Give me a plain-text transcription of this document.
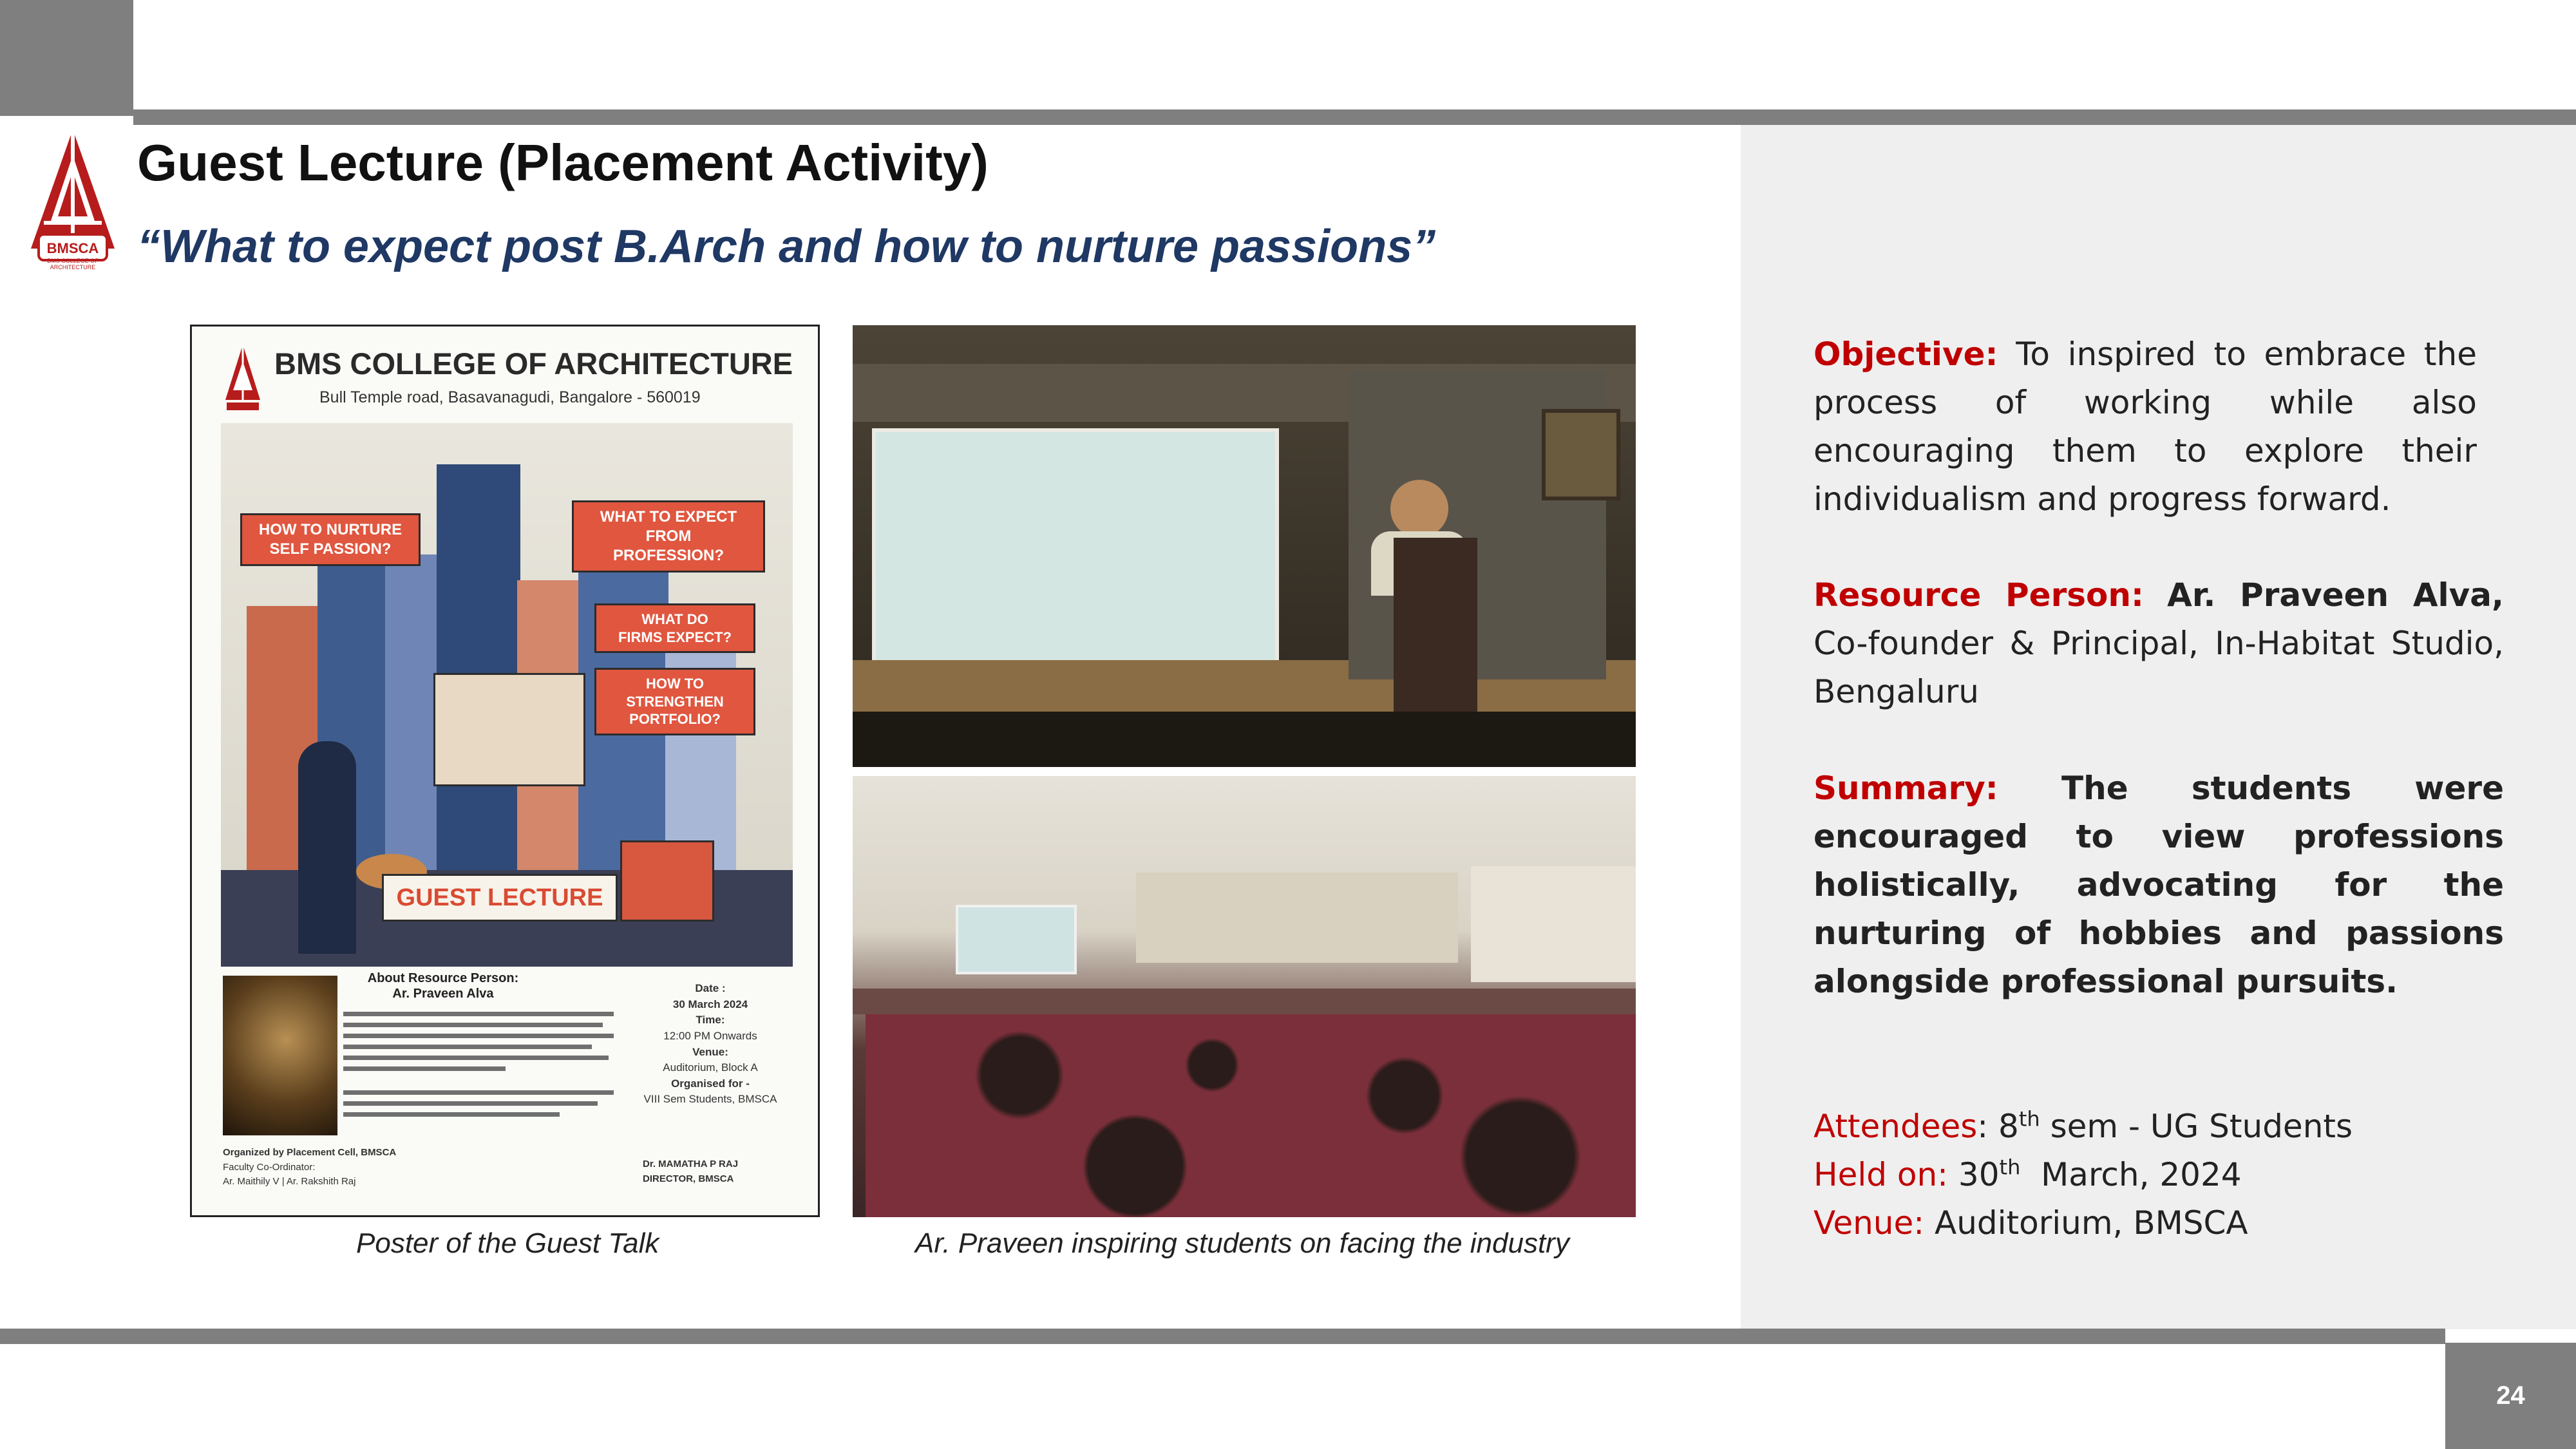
24
BMSCA
BMS COLLEGE OF ARCHITECTURE
Guest Lecture (Placement Activity)
“What to expect post B.Arch and how to nurture passions”
BMS COLLEGE OF ARCHITECTURE
Bull Temple road, Basavanagudi, Bangalore - 560019
HOW TO NURTURE
SELF PASSION?
WHAT TO EXPECT
FROM
PROFESSION?
WHAT DO
FIRMS EXPECT?
HOW TO
STRENGTHEN
PORTFOLIO?
GUEST LECTURE
About Resource Person:
Ar. Praveen Alva	Date :
30 March 2024
Time:
12:00 PM Onwards
Venue:
Auditorium, Block A
Organised for -
VIII Sem Students, BMSCA
Organized by Placement Cell, BMSCA
Faculty Co-Ordinator:
Ar. Maithily V | Ar. Rakshith Raj
Dr. MAMATHA P RAJ
DIRECTOR, BMSCA
Poster of the Guest Talk	Ar. Praveen inspiring students on facing the industry
Objective: To inspired to embrace the process of working while also encouraging them to explore their individualism and progress forward.
Resource Person: Ar. Praveen Alva, Co-founder & Principal, In-Habitat Studio, Bengaluru
Summary: The students were encouraged to view professions holistically, advocating for the nurturing of hobbies and passions alongside professional pursuits.
Attendees: 8th sem - UG Students
Held on: 30th  March, 2024
Venue: Auditorium, BMSCA
